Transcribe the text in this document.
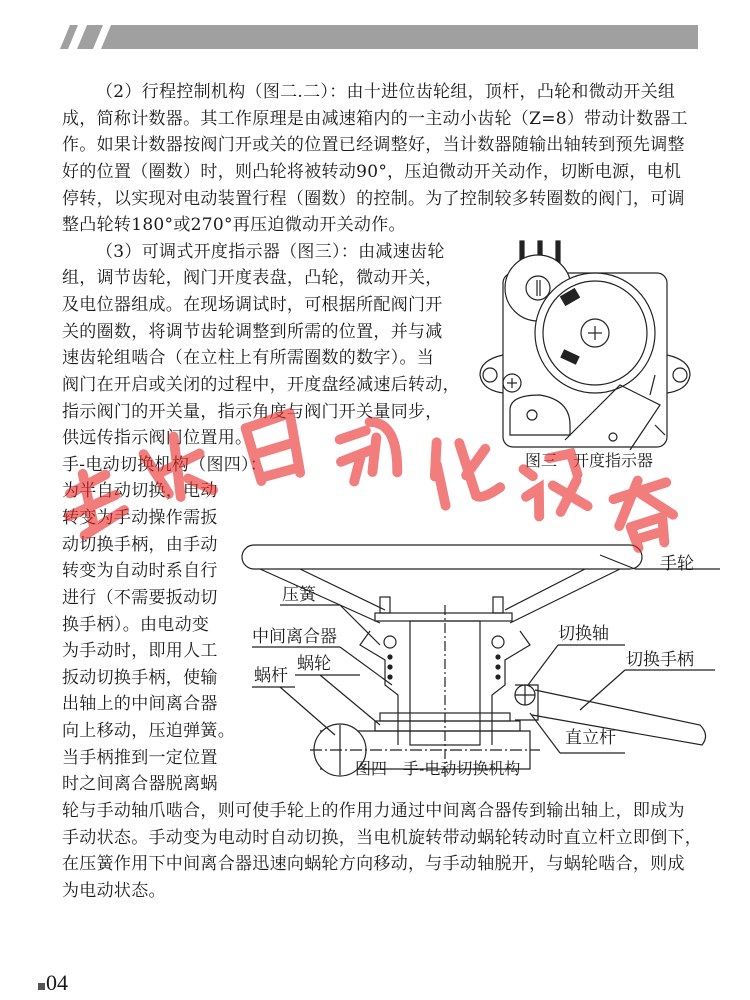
（2）行程控制机构（图二.二）：由十进位齿轮组，顶杆，凸轮和微动开关组
成，简称计数器。其工作原理是由减速箱内的一主动小齿轮（Z=8）带动计数器工
作。如果计数器按阀门开或关的位置已经调整好，当计数器随输出轴转到预先调整
好的位置（圈数）时，则凸轮将被转动90°，压迫微动开关动作，切断电源，电机
停转，以实现对电动装置行程（圈数）的控制。为了控制较多转圈数的阀门，可调
整凸轮转180°或270°再压迫微动开关动作。
（3）可调式开度指示器（图三）：由减速齿轮
组，调节齿轮，阀门开度表盘，凸轮，微动开关，
及电位器组成。在现场调试时，可根据所配阀门开
关的圈数，将调节齿轮调整到所需的位置，并与减
速齿轮组啮合（在立柱上有所需圈数的数字）。当
阀门在开启或关闭的过程中，开度盘经减速后转动，
指示阀门的开关量，指示角度与阀门开关量同步，
供远传指示阀门位置用。
手-电动切换机构（图四）：
为半自动切换，电动
转变为手动操作需扳
动切换手柄，由手动
转变为自动时系自行
进行（不需要扳动切
换手柄）。由电动变
为手动时，即用人工
扳动切换手柄，使输
出轴上的中间离合器
向上移动，压迫弹簧。
当手柄推到一定位置
时之间离合器脱离蜗
轮与手动轴爪啮合，则可使手轮上的作用力通过中间离合器传到输出轴上，即成为
手动状态。手动变为电动时自动切换，当电机旋转带动蜗轮转动时直立杆立即倒下，
在压簧作用下中间离合器迅速向蜗轮方向移动，与手动轴脱开，与蜗轮啮合，则成
为电动状态。
图三　开度指示器
手轮
压簧
中间离合器
蜗杆
蜗轮
切换轴
切换手柄
直立杆
图四　手-电动切换机构
04
